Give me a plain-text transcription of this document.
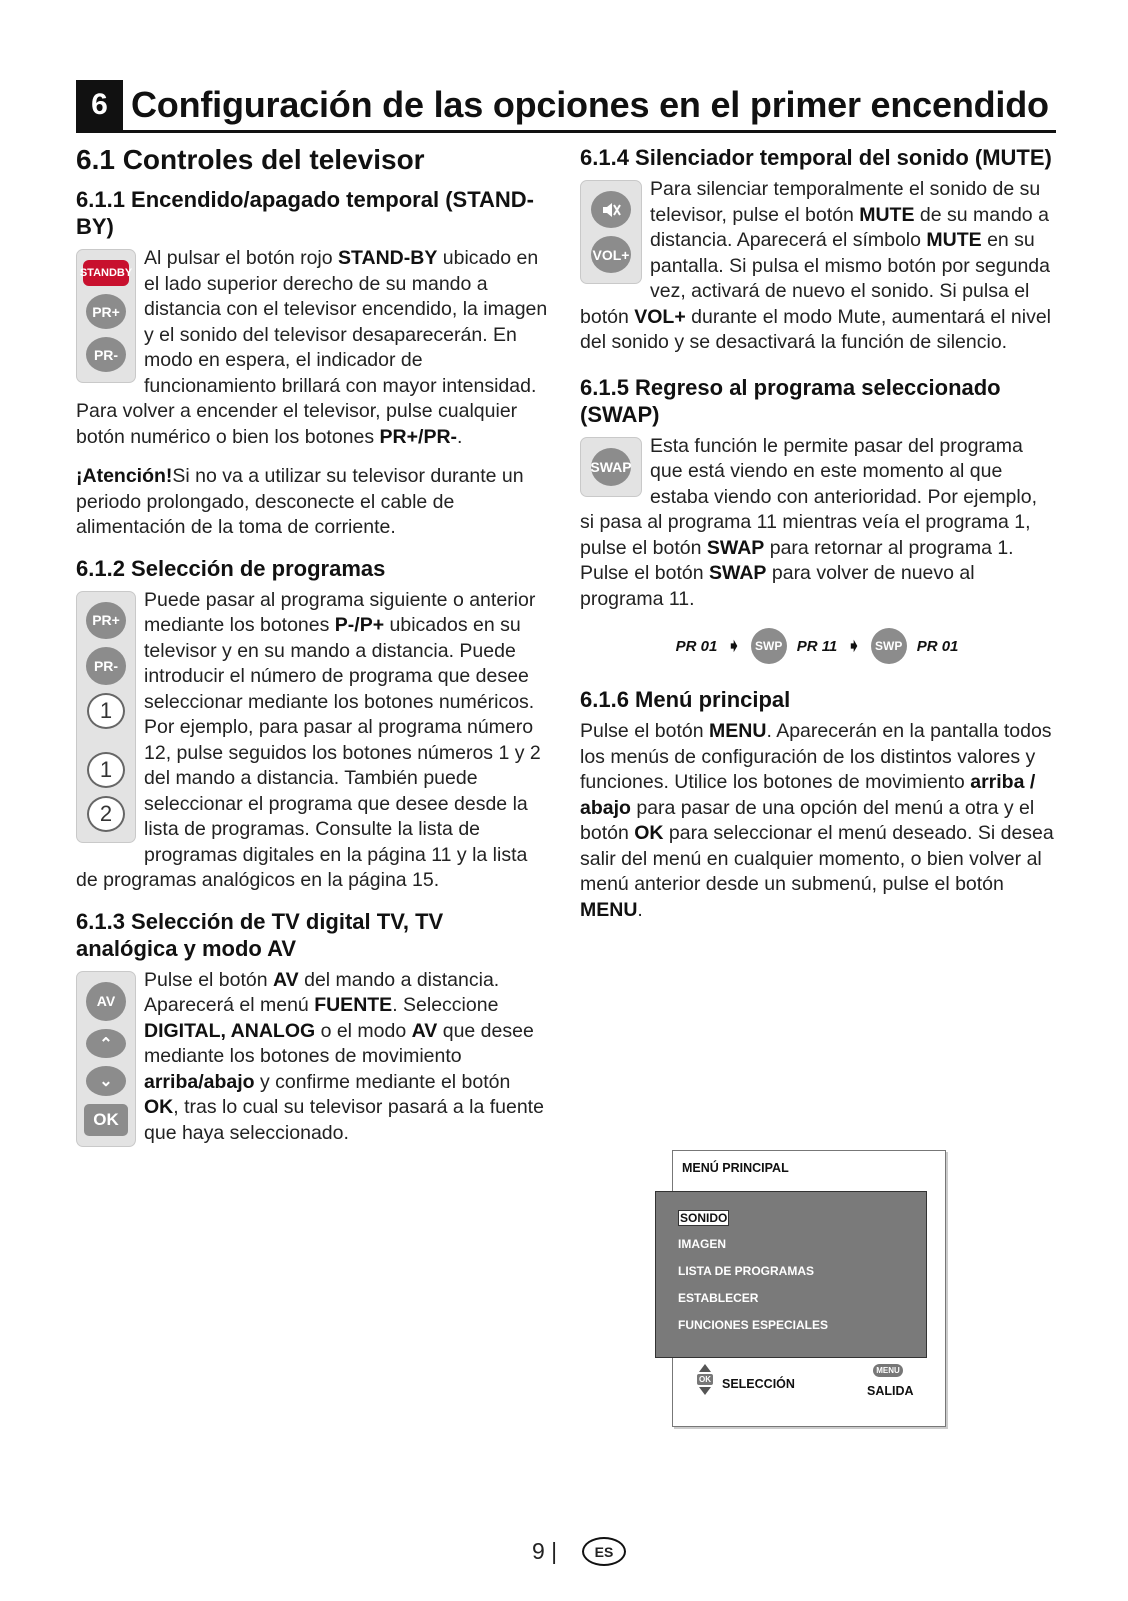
6 Configuración de las opciones en el primer encendido
6.1 Controles del televisor
6.1.1 Encendido/apagado temporal (STAND-BY)
STANDBY
PR+
PR-

Al pulsar el botón rojo STAND-BY ubicado en el lado superior derecho de su mando a distancia con el televisor encendido, la imagen y el sonido del televisor desaparecerán. En modo en espera, el indicador de funcionamiento brillará con mayor intensidad. Para volver a encender el televisor, pulse cualquier botón numérico o bien los botones PR+/PR-.

¡Atención!Si no va a utilizar su televisor durante un periodo prolongado, desconecte el cable de alimentación de la toma de corriente.

6.1.2 Selección de programas
PR+
PR-
1
1
2

Puede pasar al programa siguiente o anterior mediante los botones P-/P+ ubicados en su televisor y en su mando a distancia. Puede introducir el número de programa que desee seleccionar mediante los botones numéricos. Por ejemplo, para pasar al programa número 12, pulse seguidos los botones números 1 y 2 del mando a distancia. También puede seleccionar el programa que desee desde la lista de programas. Consulte la lista de programas digitales en la página 11 y la lista de programas analógicos en la página 15.

6.1.3 Selección de TV digital TV, TV analógica y modo AV
AV
⌃
⌄
OK

Pulse el botón AV del mando a distancia. Aparecerá el menú FUENTE. Seleccione DIGITAL, ANALOG o el modo AV que desee mediante los botones de movimiento arriba/abajo y confirme mediante el botón OK, tras lo cual su televisor pasará a la fuente que haya seleccionado.

6.1.4 Silenciador temporal del sonido (MUTE)
VOL+

Para silenciar temporalmente el sonido de su televisor, pulse el botón MUTE de su mando a distancia. Aparecerá el símbolo MUTE en su pantalla. Si pulsa el mismo botón por segunda vez, activará de nuevo el sonido. Si pulsa el botón VOL+ durante el modo Mute, aumentará el nivel del sonido y se desactivará la función de silencio.

6.1.5 Regreso al programa seleccionado (SWAP)
SWAP

Esta función le permite pasar del programa que está viendo en este momento al que estaba viendo con anterioridad. Por ejemplo, si pasa al programa 11 mientras veía el programa 1, pulse el botón SWAP para retornar al programa 1. Pulse el botón SWAP para volver de nuevo al programa 11.

PR 01 ➧	SWP PR 11 ➧	SWP PR 01
6.1.6 Menú principal

Pulse el botón MENU. Aparecerán en la pantalla todos los menús de configuración de los distintos valores y funciones. Utilice los botones de movimiento arriba / abajo para pasar de una opción del menú a otra y el botón OK para seleccionar el menú deseado. Si desea salir del menú en cualquier momento, o bien volver al menú anterior desde un submenú, pulse el botón MENU.

MENÚ PRINCIPAL
SONIDO
IMAGEN
LISTA DE PROGRAMAS
ESTABLECER
FUNCIONES ESPECIALES
OK SELECCIÓN
MENU
SALIDA
9 |	ES
